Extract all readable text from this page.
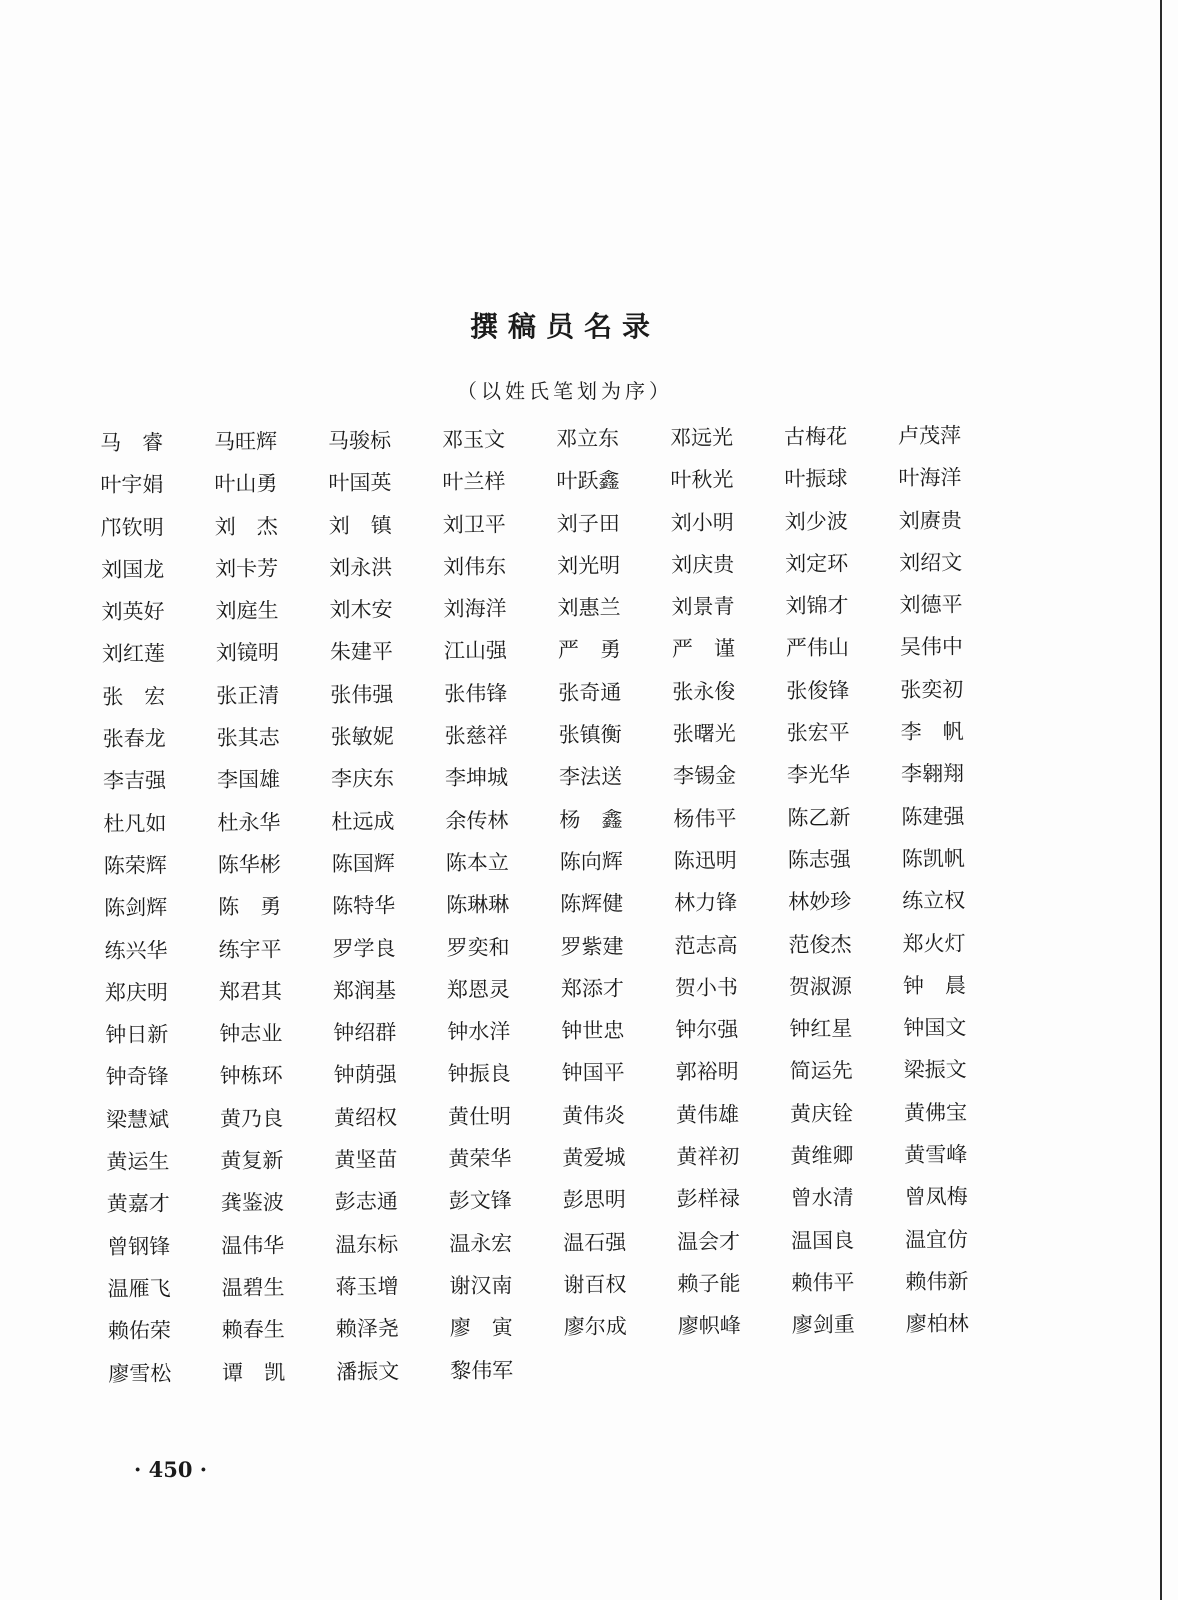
撰稿员名录
（以姓氏笔划为序）
马　睿	马旺辉	马骏标	邓玉文	邓立东	邓远光	古梅花	卢茂萍
叶宇娟	叶山勇	叶国英	叶兰样	叶跃鑫	叶秋光	叶振球	叶海洋
邝钦明	刘　杰	刘　镇	刘卫平	刘子田	刘小明	刘少波	刘赓贵
刘国龙	刘卡芳	刘永洪	刘伟东	刘光明	刘庆贵	刘定环	刘绍文
刘英好	刘庭生	刘木安	刘海洋	刘惠兰	刘景青	刘锦才	刘德平
刘红莲	刘镜明	朱建平	江山强	严　勇	严　谨	严伟山	吴伟中
张　宏	张正清	张伟强	张伟锋	张奇通	张永俊	张俊锋	张奕初
张春龙	张其志	张敏妮	张慈祥	张镇衡	张曙光	张宏平	李　帆
李吉强	李国雄	李庆东	李坤城	李法送	李锡金	李光华	李翱翔
杜凡如	杜永华	杜远成	余传林	杨　鑫	杨伟平	陈乙新	陈建强
陈荣辉	陈华彬	陈国辉	陈本立	陈向辉	陈迅明	陈志强	陈凯帆
陈剑辉	陈　勇	陈特华	陈琳琳	陈辉健	林力锋	林妙珍	练立权
练兴华	练宇平	罗学良	罗奕和	罗紫建	范志高	范俊杰	郑火灯
郑庆明	郑君其	郑润基	郑恩灵	郑添才	贺小书	贺淑源	钟　晨
钟日新	钟志业	钟绍群	钟水洋	钟世忠	钟尔强	钟红星	钟国文
钟奇锋	钟栋环	钟荫强	钟振良	钟国平	郭裕明	简运先	梁振文
梁慧斌	黄乃良	黄绍权	黄仕明	黄伟炎	黄伟雄	黄庆铨	黄佛宝
黄运生	黄复新	黄坚苗	黄荣华	黄爱城	黄祥初	黄维卿	黄雪峰
黄嘉才	龚鉴波	彭志通	彭文锋	彭思明	彭样禄	曾水清	曾凤梅
曾钢锋	温伟华	温东标	温永宏	温石强	温会才	温国良	温宜仿
温雁飞	温碧生	蒋玉增	谢汉南	谢百权	赖子能	赖伟平	赖伟新
赖佑荣	赖春生	赖泽尧	廖　寅	廖尔成	廖帜峰	廖剑重	廖柏林
廖雪松	谭　凯	潘振文	黎伟军
· 450 ·
